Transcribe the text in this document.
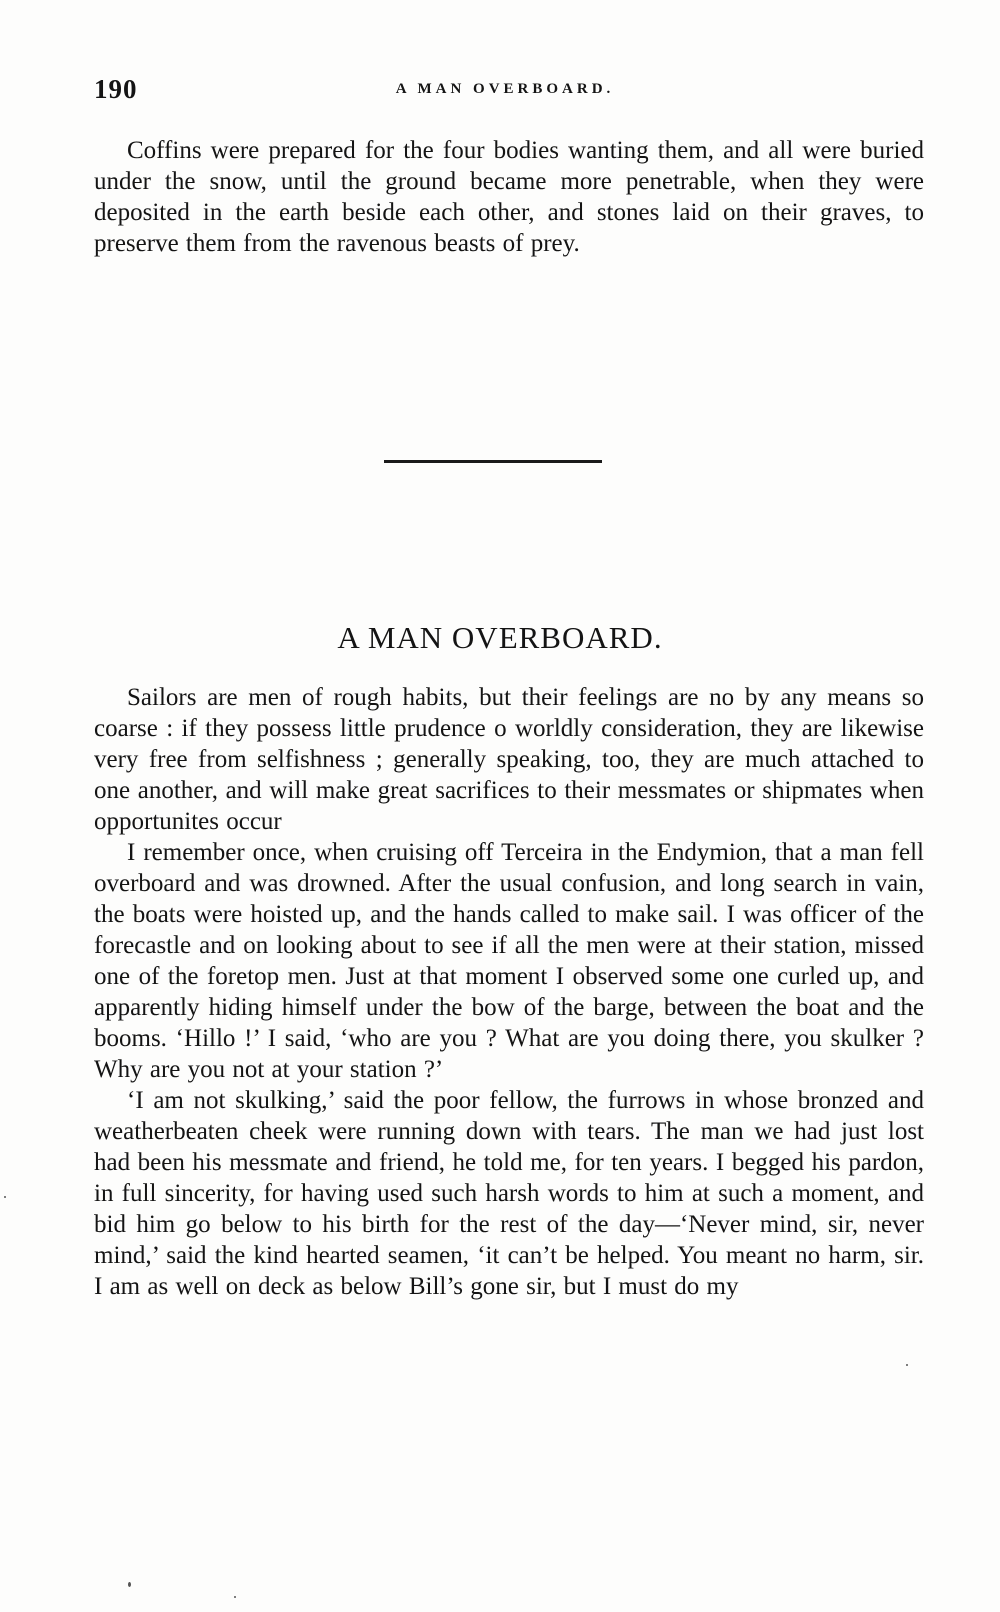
190	A MAN OVERBOARD.

Coffins were prepared for the four bodies wanting them, and all were buried under the snow, until the ground became more penetrable, when they were deposited in the earth beside each other, and stones laid on their graves, to preserve them from the ravenous beasts of prey.

A MAN OVERBOARD.

Sailors are men of rough habits, but their feelings are no by any means so coarse : if they possess little prudence o worldly consideration, they are likewise very free from selfishness ; generally speaking, too, they are much attached to one another, and will make great sacrifices to their messmates or shipmates when opportunites occur

I remember once, when cruising off Terceira in the Endymion, that a man fell overboard and was drowned. After the usual confusion, and long search in vain, the boats were hoisted up, and the hands called to make sail. I was officer of the forecastle and on looking about to see if all the men were at their station, missed one of the foretop men. Just at that moment I observed some one curled up, and apparently hiding himself under the bow of the barge, between the boat and the booms. ‘Hillo !’ I said, ‘who are you ? What are you doing there, you skulker ? Why are you not at your station ?’

‘I am not skulking,’ said the poor fellow, the furrows in whose bronzed and weatherbeaten cheek were running down with tears. The man we had just lost had been his messmate and friend, he told me, for ten years. I begged his pardon, in full sincerity, for having used such harsh words to him at such a moment, and bid him go below to his birth for the rest of the day—‘Never mind, sir, never mind,’ said the kind hearted seamen, ‘it can’t be helped. You meant no harm, sir. I am as well on deck as below Bill’s gone sir, but I must do my
